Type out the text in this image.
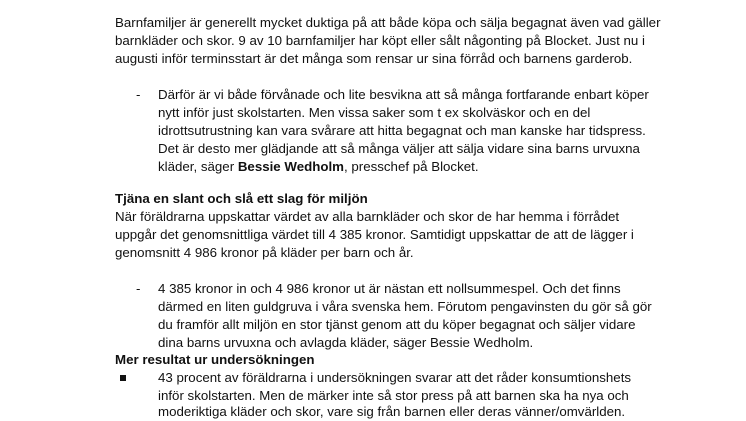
Barnfamiljer är generellt mycket duktiga på att både köpa och sälja begagnat även vad gäller
barnkläder och skor. 9 av 10 barnfamiljer har köpt eller sålt någonting på Blocket. Just nu i
augusti inför terminsstart är det många som rensar ur sina förråd och barnens garderob.
- Därför är vi både förvånade och lite besvikna att så många fortfarande enbart köper
nytt inför just skolstarten. Men vissa saker som t ex skolväskor och en del
idrottsutrustning kan vara svårare att hitta begagnat och man kanske har tidspress.
Det är desto mer glädjande att så många väljer att sälja vidare sina barns urvuxna
kläder, säger Bessie Wedholm, presschef på Blocket.
Tjäna en slant och slå ett slag för miljön
När föräldrarna uppskattar värdet av alla barnkläder och skor de har hemma i förrådet
uppgår det genomsnittliga värdet till 4 385 kronor. Samtidigt uppskattar de att de lägger i
genomsnitt 4 986 kronor på kläder per barn och år.
- 4 385 kronor in och 4 986 kronor ut är nästan ett nollsummespel. Och det finns
därmed en liten guldgruva i våra svenska hem. Förutom pengavinsten du gör så gör
du framför allt miljön en stor tjänst genom att du köper begagnat och säljer vidare
dina barns urvuxna och avlagda kläder, säger Bessie Wedholm.
Mer resultat ur undersökningen
43 procent av föräldrarna i undersökningen svarar att det råder konsumtionshets
inför skolstarten. Men de märker inte så stor press på att barnen ska ha nya och
moderiktiga kläder och skor, vare sig från barnen eller deras vänner/omvärlden.
